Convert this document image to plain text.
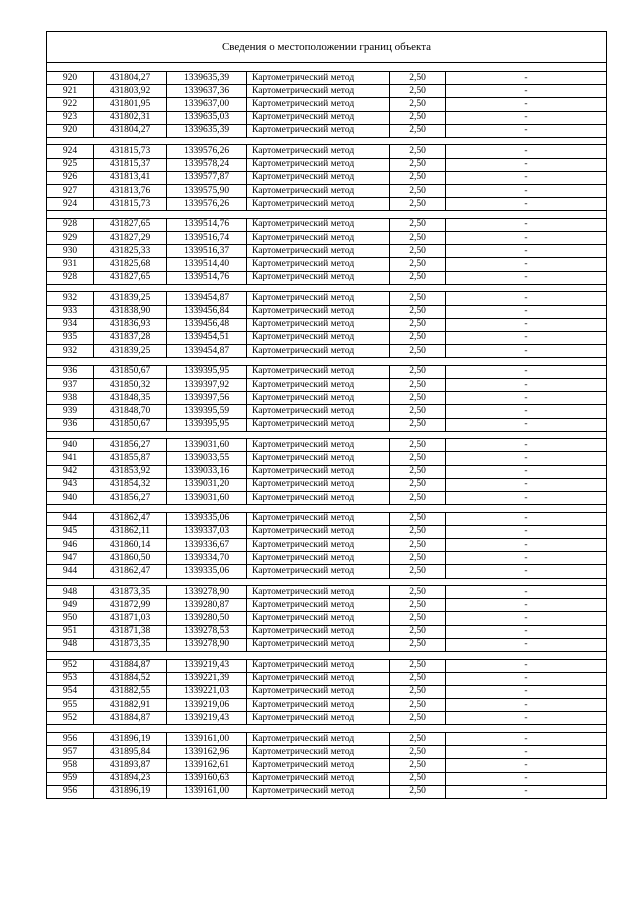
Сведения о местоположении границ объекта					

920	431804,27	1339635,39	Картометрический метод	2,50	-
921	431803,92	1339637,36	Картометрический метод	2,50	-
922	431801,95	1339637,00	Картометрический метод	2,50	-
923	431802,31	1339635,03	Картометрический метод	2,50	-
920	431804,27	1339635,39	Картометрический метод	2,50	-

924	431815,73	1339576,26	Картометрический метод	2,50	-
925	431815,37	1339578,24	Картометрический метод	2,50	-
926	431813,41	1339577,87	Картометрический метод	2,50	-
927	431813,76	1339575,90	Картометрический метод	2,50	-
924	431815,73	1339576,26	Картометрический метод	2,50	-

928	431827,65	1339514,76	Картометрический метод	2,50	-
929	431827,29	1339516,74	Картометрический метод	2,50	-
930	431825,33	1339516,37	Картометрический метод	2,50	-
931	431825,68	1339514,40	Картометрический метод	2,50	-
928	431827,65	1339514,76	Картометрический метод	2,50	-

932	431839,25	1339454,87	Картометрический метод	2,50	-
933	431838,90	1339456,84	Картометрический метод	2,50	-
934	431836,93	1339456,48	Картометрический метод	2,50	-
935	431837,28	1339454,51	Картометрический метод	2,50	-
932	431839,25	1339454,87	Картометрический метод	2,50	-

936	431850,67	1339395,95	Картометрический метод	2,50	-
937	431850,32	1339397,92	Картометрический метод	2,50	-
938	431848,35	1339397,56	Картометрический метод	2,50	-
939	431848,70	1339395,59	Картометрический метод	2,50	-
936	431850,67	1339395,95	Картометрический метод	2,50	-

940	431856,27	1339031,60	Картометрический метод	2,50	-
941	431855,87	1339033,55	Картометрический метод	2,50	-
942	431853,92	1339033,16	Картометрический метод	2,50	-
943	431854,32	1339031,20	Картометрический метод	2,50	-
940	431856,27	1339031,60	Картометрический метод	2,50	-

944	431862,47	1339335,06	Картометрический метод	2,50	-
945	431862,11	1339337,03	Картометрический метод	2,50	-
946	431860,14	1339336,67	Картометрический метод	2,50	-
947	431860,50	1339334,70	Картометрический метод	2,50	-
944	431862,47	1339335,06	Картометрический метод	2,50	-

948	431873,35	1339278,90	Картометрический метод	2,50	-
949	431872,99	1339280,87	Картометрический метод	2,50	-
950	431871,03	1339280,50	Картометрический метод	2,50	-
951	431871,38	1339278,53	Картометрический метод	2,50	-
948	431873,35	1339278,90	Картометрический метод	2,50	-

952	431884,87	1339219,43	Картометрический метод	2,50	-
953	431884,52	1339221,39	Картометрический метод	2,50	-
954	431882,55	1339221,03	Картометрический метод	2,50	-
955	431882,91	1339219,06	Картометрический метод	2,50	-
952	431884,87	1339219,43	Картометрический метод	2,50	-

956	431896,19	1339161,00	Картометрический метод	2,50	-
957	431895,84	1339162,96	Картометрический метод	2,50	-
958	431893,87	1339162,61	Картометрический метод	2,50	-
959	431894,23	1339160,63	Картометрический метод	2,50	-
956	431896,19	1339161,00	Картометрический метод	2,50	-
